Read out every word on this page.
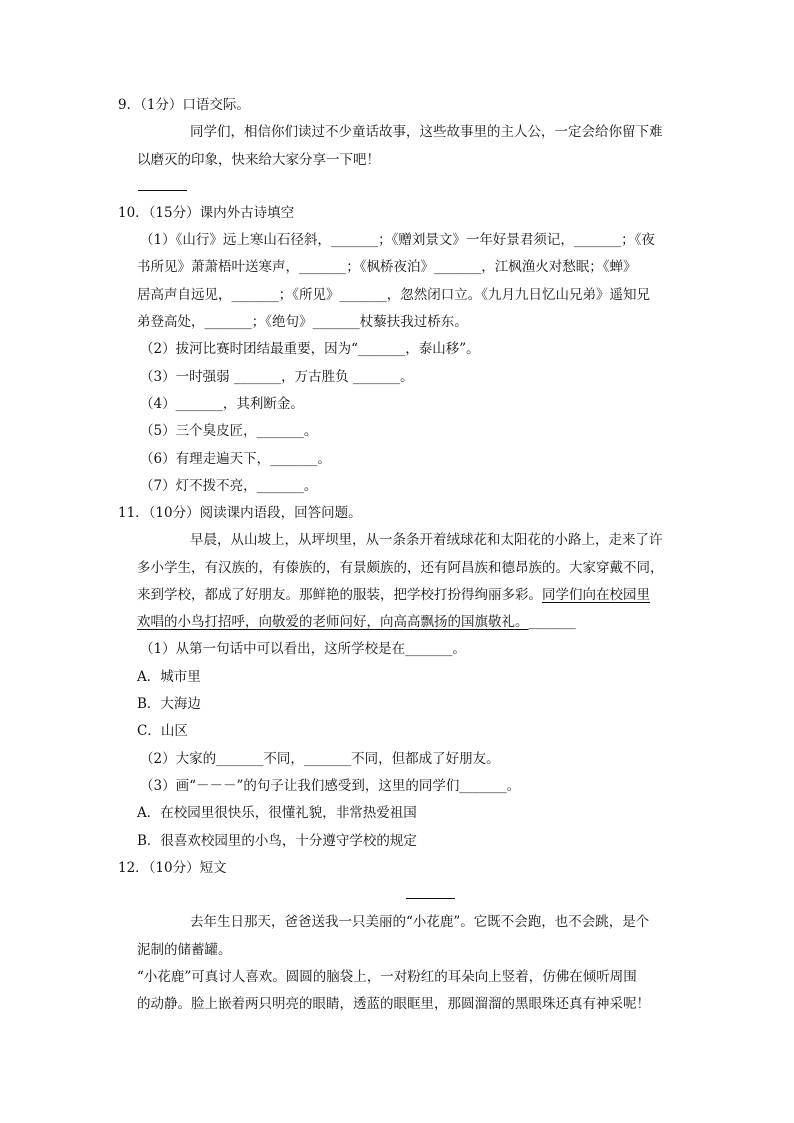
9．（1分）口语交际。
同学们，相信你们读过不少童话故事，这些故事里的主人公，一定会给你留下难
以磨灭的印象，快来给大家分享一下吧！
10．（15分）课内外古诗填空
（1）《山行》远上寒山石径斜，_______；《赠刘景文》一年好景君须记，_______；《夜
书所见》萧萧梧叶送寒声，_______；《枫桥夜泊》_______，江枫渔火对愁眠；《蝉》
居高声自远见，_______；《所见》_______，忽然闭口立。《九月九日忆山兄弟》遥知兄
弟登高处，_______；《绝句》_______杖藜扶我过桥东。
（2）拔河比赛时团结最重要，因为“_______，泰山移”。
（3）一时强弱 _______，万古胜负 _______。
（4）_______，其利断金。
（5）三个臭皮匠，_______。
（6）有理走遍天下，_______。
（7）灯不拨不亮，_______。
11．（10分）阅读课内语段，回答问题。
早晨，从山坡上，从坪坝里，从一条条开着绒球花和太阳花的小路上，走来了许
多小学生，有汉族的，有傣族的，有景颇族的，还有阿昌族和德昂族的。大家穿戴不同，
来到学校，都成了好朋友。那鲜艳的服装，把学校打扮得绚丽多彩。同学们向在校园里
欢唱的小鸟打招呼，向敬爱的老师问好，向高高飘扬的国旗敬礼。_______
（1）从第一句话中可以看出，这所学校是在_______。
A．城市里
B．大海边
C．山区
（2）大家的_______不同，_______不同，但都成了好朋友。
（3）画“－－－”的句子让我们感受到，这里的同学们_______。
A．在校园里很快乐，很懂礼貌，非常热爱祖国
B．很喜欢校园里的小鸟，十分遵守学校的规定
12．（10分）短文
去年生日那天，爸爸送我一只美丽的“小花鹿”。它既不会跑，也不会跳，是个
泥制的储蓄罐。
“小花鹿”可真讨人喜欢。圆圆的脑袋上，一对粉红的耳朵向上竖着，仿佛在倾听周围
的动静。脸上嵌着两只明亮的眼睛，透蓝的眼眶里，那圆溜溜的黑眼珠还真有神采呢！
